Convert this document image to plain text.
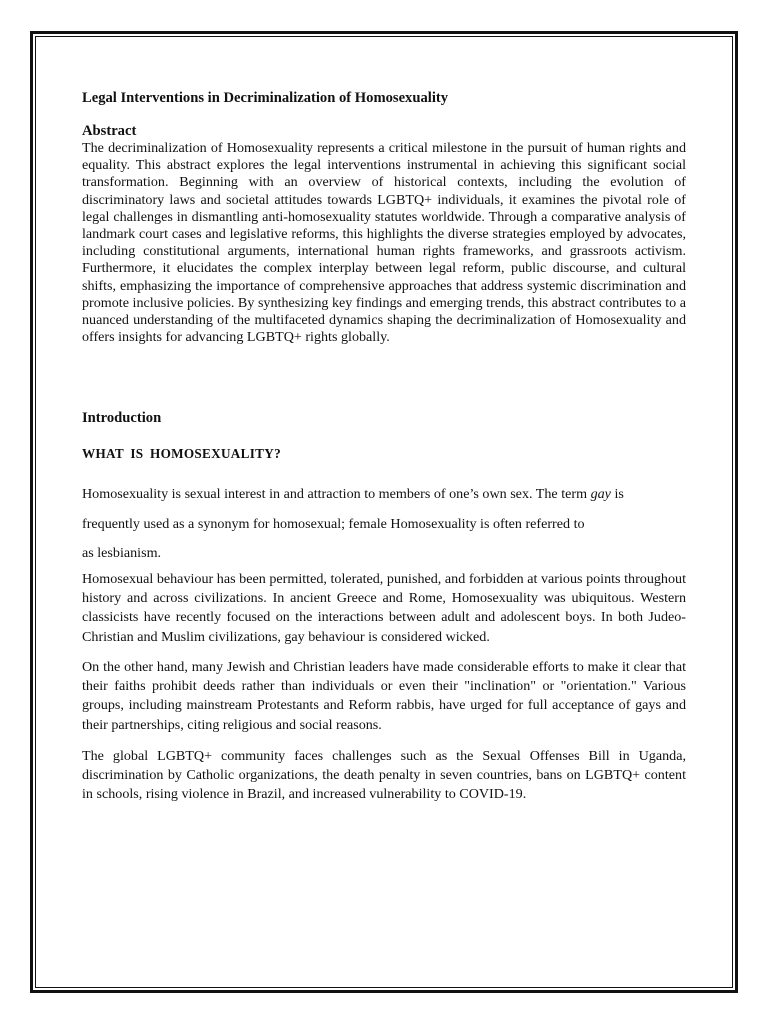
Legal Interventions in Decriminalization of Homosexuality
Abstract

The decriminalization of Homosexuality represents a critical milestone in the pursuit of human rights and equality. This abstract explores the legal interventions instrumental in achieving this significant social transformation. Beginning with an overview of historical contexts, including the evolution of discriminatory laws and societal attitudes towards LGBTQ+ individuals, it examines the pivotal role of legal challenges in dismantling anti-homosexuality statutes worldwide. Through a comparative analysis of landmark court cases and legislative reforms, this highlights the diverse strategies employed by advocates, including constitutional arguments, international human rights frameworks, and grassroots activism. Furthermore, it elucidates the complex interplay between legal reform, public discourse, and cultural shifts, emphasizing the importance of comprehensive approaches that address systemic discrimination and promote inclusive policies. By synthesizing key findings and emerging trends, this abstract contributes to a nuanced understanding of the multifaceted dynamics shaping the decriminalization of Homosexuality and offers insights for advancing LGBTQ+ rights globally.

Introduction
WHAT IS HOMOSEXUALITY?

Homosexuality is sexual interest in and attraction to members of one’s own sex. The term gay is
frequently used as a synonym for homosexual; female Homosexuality is often referred to
as lesbianism.

Homosexual behaviour has been permitted, tolerated, punished, and forbidden at various points throughout history and across civilizations. In ancient Greece and Rome, Homosexuality was ubiquitous. Western classicists have recently focused on the interactions between adult and adolescent boys. In both Judeo-Christian and Muslim civilizations, gay behaviour is considered wicked.

On the other hand, many Jewish and Christian leaders have made considerable efforts to make it clear that their faiths prohibit deeds rather than individuals or even their "inclination" or "orientation." Various groups, including mainstream Protestants and Reform rabbis, have urged for full acceptance of gays and their partnerships, citing religious and social reasons.

The global LGBTQ+ community faces challenges such as the Sexual Offenses Bill in Uganda, discrimination by Catholic organizations, the death penalty in seven countries, bans on LGBTQ+ content in schools, rising violence in Brazil, and increased vulnerability to COVID-19.
